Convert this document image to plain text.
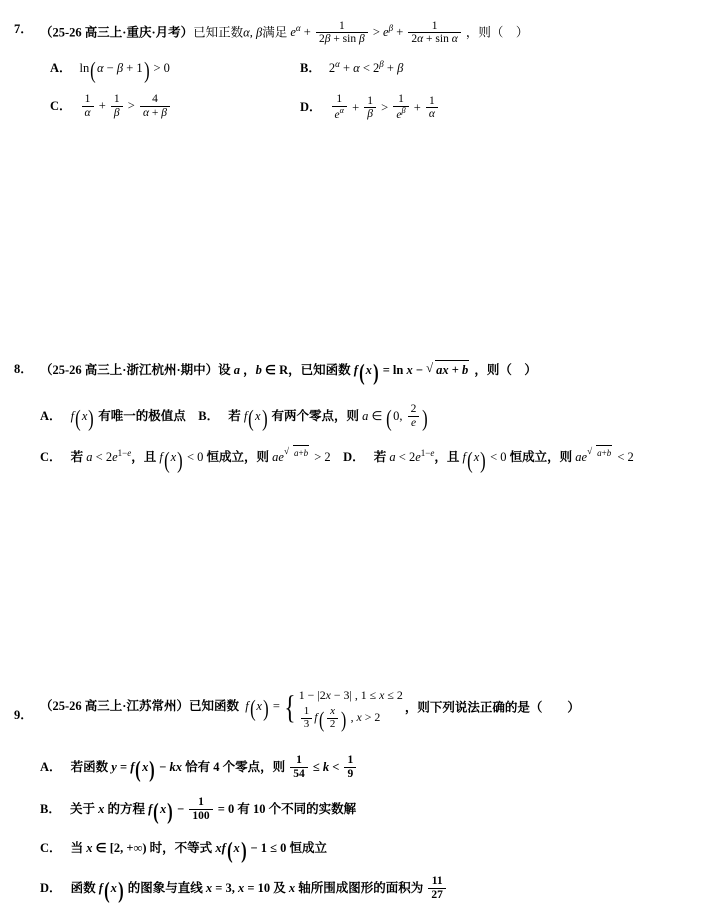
7． （25-26 高三上·重庆·月考）已知正数α, β满足 $e^\alpha + \frac{1}{\text{2β + sin β}} > e^\beta + \frac{1}{\text{2α + sin α}}$ ，则（　）
A． ln(α − β + 1) > 0	B． $2^\alpha + \alpha < 2^\beta + \beta$
C． $\frac{1}{\alpha} + \frac{1}{\beta} > \frac{4}{\alpha + \beta}$	D． $\frac{1}{e^\alpha} + \frac{1}{\beta} > \frac{1}{e^\beta} + \frac{1}{\alpha}$
8． （25-26 高三上·浙江杭州·期中）设 a ，b ∈ R，已知函数 f(x) = ln x − √ ax + b ，则（　）
A． f(x) 有唯一的极值点 B． 若 f(x) 有两个零点，则 a ∈ (0, $\frac{2}{e}$ )
C． 若 $a < 2e^{1-e}$，且 f(x) < 0 恒成立，则 ae √ $^{a+b}$ > 2 D． 若 $a < 2e^{1-e}$，且 f(x) < 0 恒成立，则 ae √ $^{a+b}$ < 2
9．
（25-26 高三上·江苏常州）已知函数  f(x) = { 1 − |2x − 3| , 1 ≤ x ≤ 2
$\frac{1}{3} f( \frac{x}{2}$ ) , x > 2
，则下列说法正确的是（　　）
A． 若函数 y = f(x) − kx 恰有 4 个零点，则 $\frac{1}{54} \le k < \frac{1}{9}$
B． 关于 x 的方程 $f(x) - \frac{1}{100} = 0$ 有 10 个不同的实数解
C． 当 x ∈ [2, +∞) 时，不等式 xf(x) − 1 ≤ 0 恒成立
D． 函数 f(x) 的图象与直线 x = 3, x = 10 及 x 轴所围成图形的面积为 $\frac{11}{27}$
